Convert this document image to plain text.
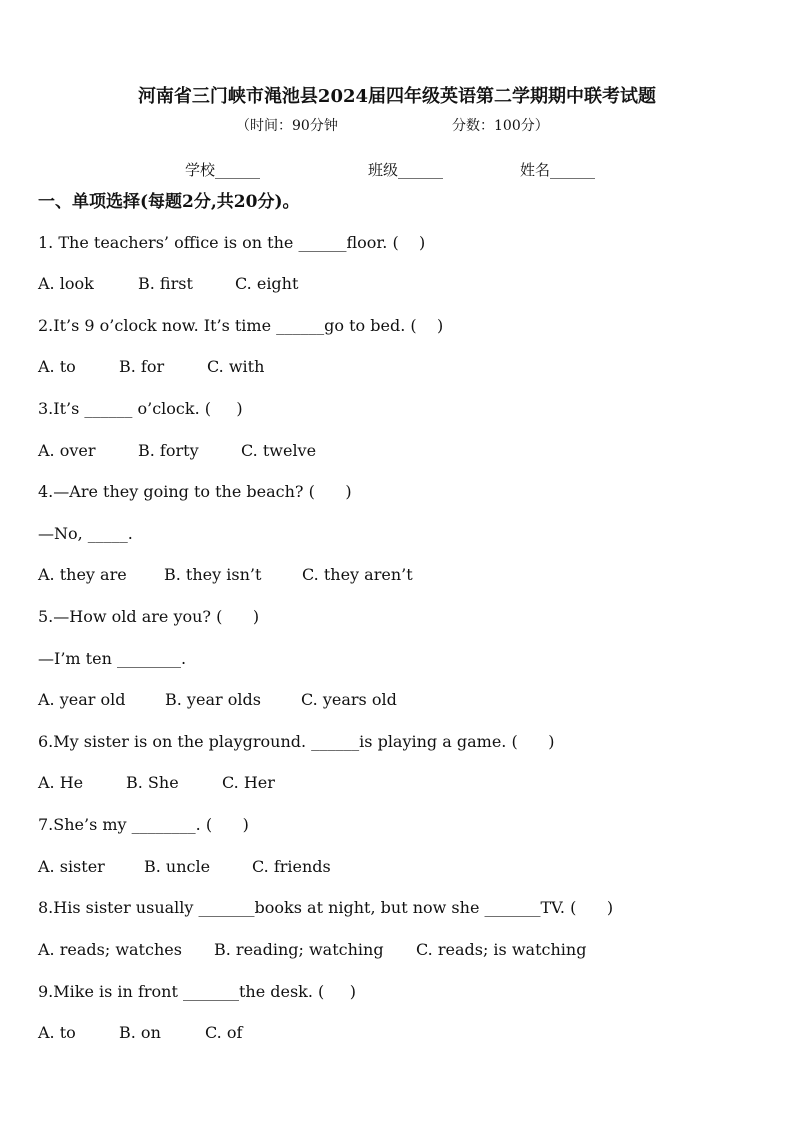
河南省三门峡市渑池县2024届四年级英语第二学期期中联考试题
（时间：90分钟	分数：100分）
学校______	班级______	姓名______
一、单项选择(每题2分,共20分)。
1. The teachers’ office is on the ______floor. (    )
A. look	B. first	C. eight
2.It’s 9 o’clock now. It’s time ______go to bed. (    )
A. to	B. for	C. with
3.It’s ______ o’clock. (     )
A. over	B. forty	C. twelve
4.—Are they going to the beach? (      )
—No, _____.
A. they are B. they isn’t	C. they aren’t
5.—How old are you? (      )
—I’m ten ________.
A. year old B. year olds	C. years old
6.My sister is on the playground. ______is playing a game. (      )
A. He	B. She	C. Her
7.She’s my ________. (      )
A. sister B. uncle	C. friends
8.His sister usually _______books at night, but now she _______TV. (      )
A. reads; watches B. reading; watching C. reads; is watching
9.Mike is in front _______the desk. (     )
A. to	B. on	C. of
